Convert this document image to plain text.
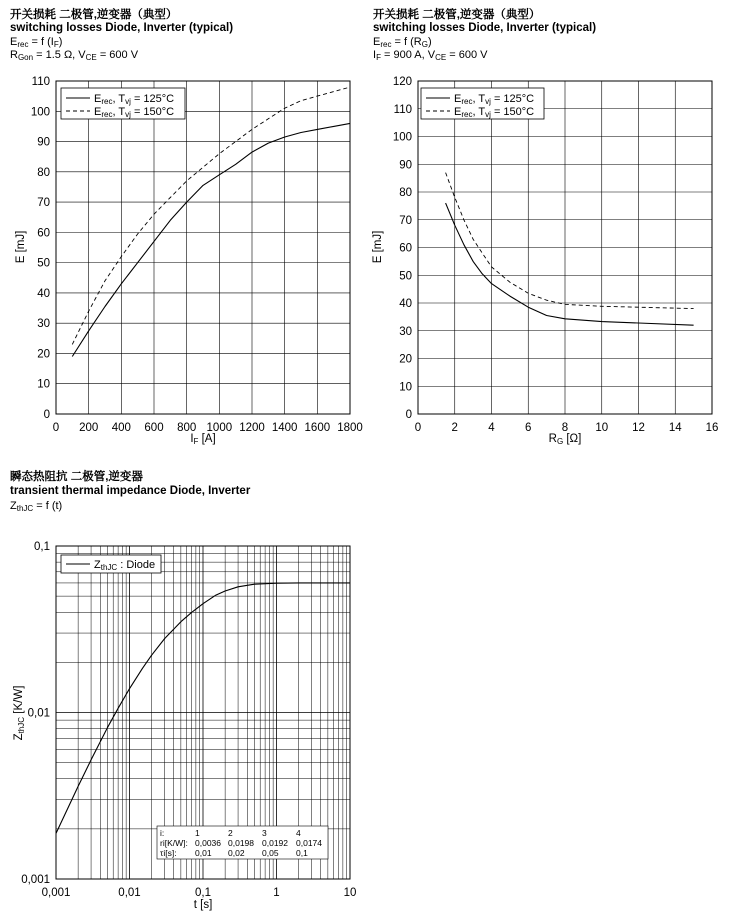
开关损耗 二极管,逆变器（典型）
switching losses Diode, Inverter (typical)
Erec = f (IF)
RGon = 1.5 Ω, VCE = 600 V
开关损耗 二极管,逆变器（典型）
switching losses Diode, Inverter (typical)
Erec = f (RG)
IF = 900 A, VCE = 600 V
瞬态热阻抗 二极管,逆变器
transient thermal impedance Diode, Inverter
ZthJC = f (t)
0 200 400 600 800 1000 1200 1400 1600 1800
0
10
20
30
40
50
60
70
80
90
100
110
Erec, Tvj = 125°C
Erec, Tvj = 150°C
IF [A]
E [mJ]
0	2	4	6	8 10 12 14 16
0
10
20
30
40
50
60
70
80
90
100
110
120
Erec, Tvj = 125°C
Erec, Tvj = 150°C
RG [Ω]
E [mJ]
0,001	0,01	0,1	1	10
0,001
0,01
0,1
ZthJC : Diode
i:	1	2	3	4
ri[K/W]: 0,0036 0,0198 0,0192 0,0174
τi[s]: 0,01 0,02 0,05 0,1
t [s]
ZthJC [K/W]
